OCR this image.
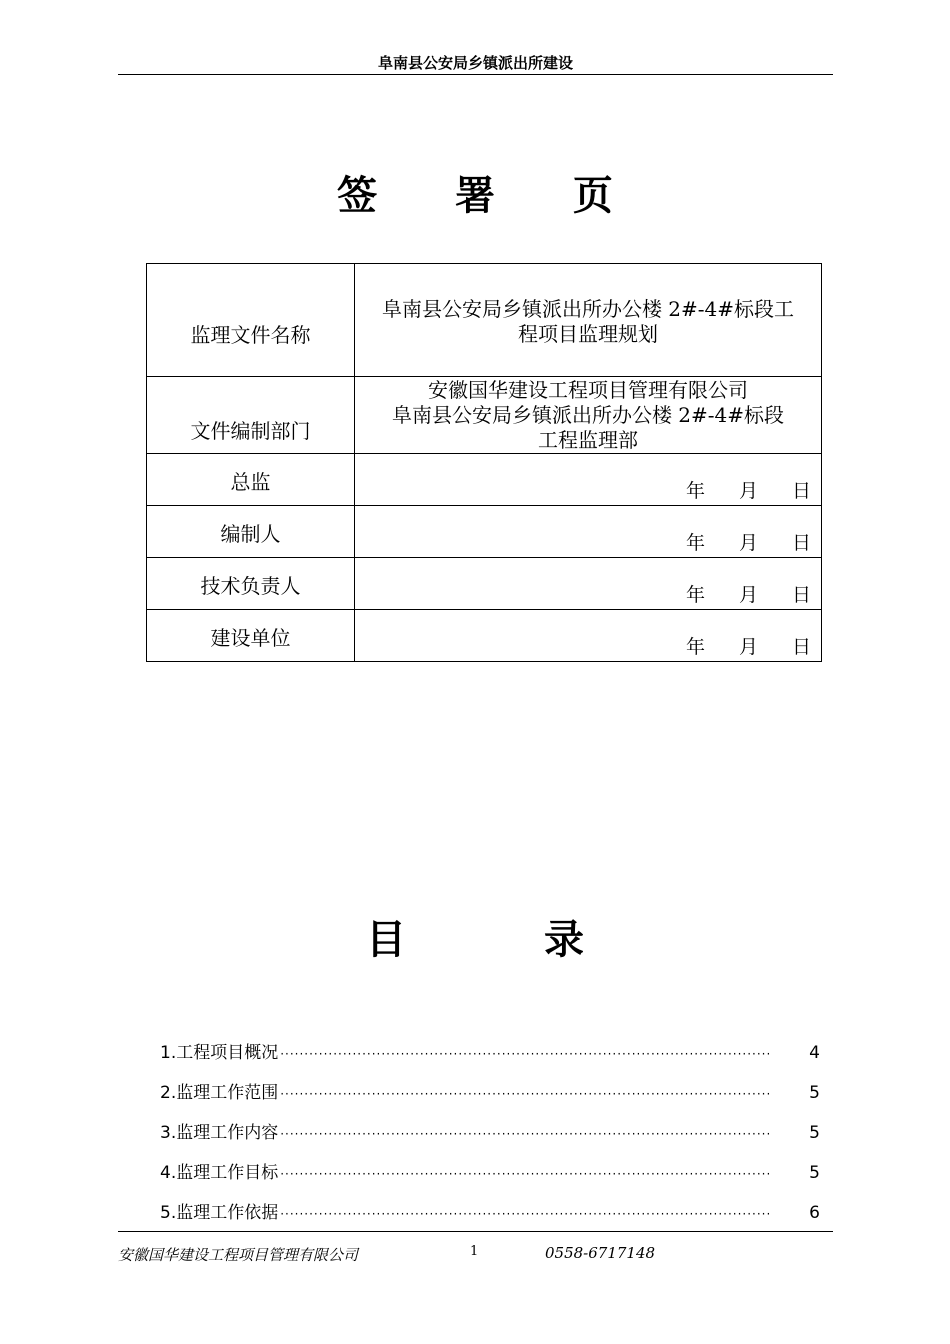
阜南县公安局乡镇派出所建设
签 署 页
监理文件名称	阜南县公安局乡镇派出所办公楼 2#-4#标段工
程项目监理规划

文件编制部门	安徽国华建设工程项目管理有限公司
阜南县公安局乡镇派出所办公楼 2#-4#标段
工程监理部

总监	年 月 日

编制人	年 月 日

技术负责人	年 月 日

建设单位	年 月 日
目 录
1.工程项目概况 ······································································································	4
2.监理工作范围 ······································································································	5
3.监理工作内容 ······································································································	5
4.监理工作目标 ······································································································	5
5.监理工作依据 ······································································································	6
安徽国华建设工程项目管理有限公司	1	0558-6717148
